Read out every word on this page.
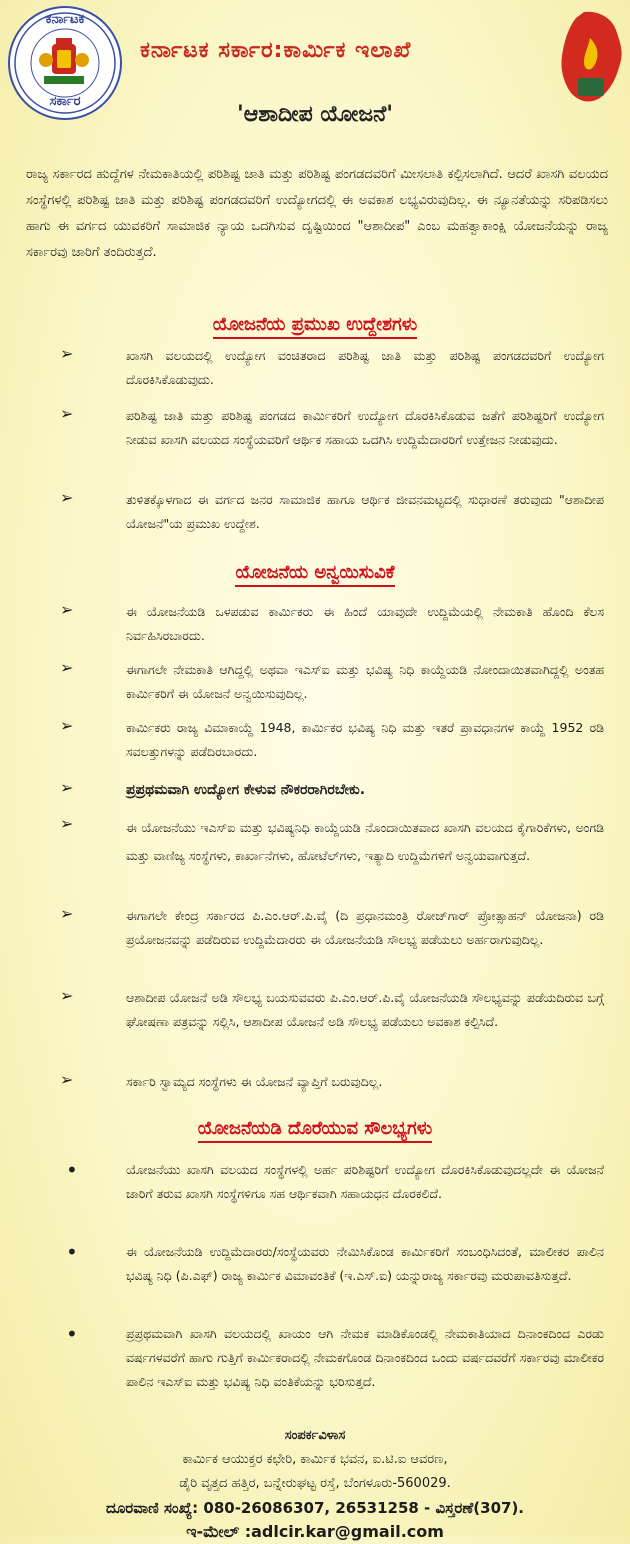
ಕರ್ನಾಟಕ
ಸರ್ಕಾರ
ಕರ್ನಾಟಕ ಸರ್ಕಾರ:ಕಾರ್ಮಿಕ ಇಲಾಖೆ
'ಆಶಾದೀಪ ಯೋಜನೆ'
ರಾಜ್ಯ ಸರ್ಕಾರದ ಹುದ್ದೆಗಳ ನೇಮಕಾತಿಯಲ್ಲಿ ಪರಿಶಿಷ್ಟ ಜಾತಿ ಮತ್ತು ಪರಿಶಿಷ್ಟ ಪಂಗಡದವರಿಗೆ ಮೀಸಲಾತಿ ಕಲ್ಪಿಸಲಾಗಿದೆ. ಆದರೆ ಖಾಸಗಿ ವಲಯದ ಸಂಸ್ಥೆಗಳಲ್ಲಿ ಪರಿಶಿಷ್ಟ ಜಾತಿ ಮತ್ತು ಪರಿಶಿಷ್ಟ ಪಂಗಡದವರಿಗೆ ಉದ್ಯೋಗದಲ್ಲಿ ಈ ಅವಕಾಶ ಲಭ್ಯವಿರುವುದಿಲ್ಲ. ಈ ನ್ಯೂನತೆಯನ್ನು ಸರಿಪಡಿಸಲು ಹಾಗು ಈ ವರ್ಗದ ಯುವಕರಿಗೆ ಸಾಮಾಜಿಕ ನ್ಯಾಯ ಒದಗಿಸುವ ದೃಷ್ಟಿಯಿಂದ "ಆಶಾದೀಪ" ಎಂಬ ಮಹತ್ವಾಕಾಂಕ್ಷಿ ಯೋಜನೆಯನ್ನು ರಾಜ್ಯ ಸರ್ಕಾರವು ಜಾರಿಗೆ ತಂದಿರುತ್ತದೆ.
ಯೋಜನೆಯ ಪ್ರಮುಖ ಉದ್ದೇಶಗಳು
➢	ಖಾಸಗಿ ವಲಯದಲ್ಲಿ ಉದ್ಯೋಗ ವಂಚಿತರಾದ ಪರಿಶಿಷ್ಟ ಜಾತಿ ಮತ್ತು ಪರಿಶಿಷ್ಟ ಪಂಗಡದವರಿಗೆ ಉದ್ಯೋಗ ದೊರಕಿಸಿಕೊಡುವುದು.
➢	ಪರಿಶಿಷ್ಟ ಜಾತಿ ಮತ್ತು ಪರಿಶಿಷ್ಟ ಪಂಗಡದ ಕಾರ್ಮಿಕರಿಗೆ ಉದ್ಯೋಗ ದೊರಕಿಸಿಕೊಡುವ ಜತೆಗೆ ಪರಿಶಿಷ್ಟರಿಗೆ ಉದ್ಯೋಗ ನೀಡುವ ಖಾಸಗಿ ವಲಯದ ಸಂಸ್ಥೆಯವರಿಗೆ ಆರ್ಥಿಕ ಸಹಾಯ ಒದಗಿಸಿ ಉದ್ದಿಮೆದಾರರಿಗೆ ಉತ್ತೇಜನ ನೀಡುವುದು.
➢	ತುಳಿತಕ್ಕೊಳಗಾದ ಈ ವರ್ಗದ ಜನರ ಸಾಮಾಜಿಕ ಹಾಗೂ ಆರ್ಥಿಕ ಜೀವನಮಟ್ಟದಲ್ಲಿ ಸುಧಾರಣೆ ತರುವುದು "ಆಶಾದೀಪ ಯೋಜನೆ"ಯ ಪ್ರಮುಖ ಉದ್ದೇಶ.
ಯೋಜನೆಯ ಅನ್ವಯಿಸುವಿಕೆ
➢	ಈ ಯೋಜನೆಯಡಿ ಒಳಪಡುವ ಕಾರ್ಮಿಕರು ಈ ಹಿಂದೆ ಯಾವುದೇ ಉದ್ದಿಮೆಯಲ್ಲಿ ನೇಮಕಾತಿ ಹೊಂದಿ ಕೆಲಸ ನಿರ್ವಹಿಸಿರಬಾರದು.
➢	ಈಗಾಗಲೇ ನೇಮಕಾತಿ ಆಗಿದ್ದಲ್ಲಿ ಅಥವಾ ಇಎಸ್‌ಐ ಮತ್ತು ಭವಿಷ್ಯ ನಿಧಿ ಕಾಯ್ದೆಯಡಿ ನೋಂದಾಯಿತವಾಗಿದ್ದಲ್ಲಿ ಅಂತಹ ಕಾರ್ಮಿಕರಿಗೆ ಈ ಯೋಜನೆ ಅನ್ವಯಿಸುವುದಿಲ್ಲ.
➢	ಕಾರ್ಮಿಕರು ರಾಜ್ಯ ವಿಮಾಕಾಯ್ದೆ 1948, ಕಾರ್ಮಿಕರ ಭವಿಷ್ಯ ನಿಧಿ ಮತ್ತು ಇತರೆ ಪ್ರಾವಧಾನಗಳ ಕಾಯ್ದೆ 1952 ರಡಿ ಸವಲತ್ತುಗಳನ್ನು ಪಡೆದಿರಬಾರದು.
➢	ಪ್ರಪ್ರಥಮವಾಗಿ ಉದ್ಯೋಗ ಕೇಳುವ ನೌಕರರಾಗಿರಬೇಕು.
➢	ಈ ಯೋಜನೆಯು ಇಎಸ್‌ಐ ಮತ್ತು ಭವಿಷ್ಯನಿಧಿ ಕಾಯ್ದೆಯಡಿ ನೊಂದಾಯಿತವಾದ ಖಾಸಗಿ ವಲಯದ ಕೈಗಾರಿಕೆಗಳು, ಅಂಗಡಿ ಮತ್ತು ವಾಣಿಜ್ಯ ಸಂಸ್ಥೆಗಳು, ಕಾರ್ಖಾನೆಗಳು, ಹೋಟೆಲ್‌ಗಳು, ಇತ್ಯಾದಿ ಉದ್ದಿಮೆಗಳಿಗೆ ಅನ್ವಯವಾಗುತ್ತದೆ.
➢	ಈಗಾಗಲೇ ಕೇಂದ್ರ ಸರ್ಕಾರದ ಪಿ.ಎಂ.ಆರ್.ಪಿ.ವೈ (ದಿ ಪ್ರಧಾನಮಂತ್ರಿ ರೋಜ್‌ಗಾರ್ ಪ್ರೋತ್ಸಾಹನ್ ಯೋಜನಾ) ರಡಿ ಪ್ರಯೋಜನವನ್ನು ಪಡೆದಿರುವ ಉದ್ದಿಮೆದಾರರು ಈ ಯೋಜನೆಯಡಿ ಸೌಲಭ್ಯ ಪಡೆಯಲು ಅರ್ಹರಾಗುವುದಿಲ್ಲ.
➢	ಆಶಾದೀಪ ಯೋಜನೆ ಅಡಿ ಸೌಲಭ್ಯ ಬಯಸುವವರು ಪಿ.ಎಂ.ಆರ್.ಪಿ.ವೈ ಯೋಜನೆಯಡಿ ಸೌಲಭ್ಯವನ್ನು ಪಡೆಯದಿರುವ ಬಗ್ಗೆ ಘೋಷಣಾ ಪತ್ರವನ್ನು ಸಲ್ಲಿಸಿ, ಆಶಾದೀಪ ಯೋಜನೆ ಅಡಿ ಸೌಲಭ್ಯ ಪಡೆಯಲು ಅವಕಾಶ ಕಲ್ಪಿಸಿದೆ.
➢	ಸರ್ಕಾರಿ ಸ್ವಾಮ್ಯದ ಸಂಸ್ಥೆಗಳು ಈ ಯೋಜನೆ ವ್ಯಾಪ್ತಿಗೆ ಬರುವುದಿಲ್ಲ.
ಯೋಜನೆಯಡಿ ದೊರೆಯುವ ಸೌಲಭ್ಯಗಳು
•	ಯೋಜನೆಯು ಖಾಸಗಿ ವಲಯದ ಸಂಸ್ಥೆಗಳಲ್ಲಿ ಅರ್ಹ ಪರಿಶಿಷ್ಟರಿಗೆ ಉದ್ಯೋಗ ದೊರಕಿಸಿಕೊಡುವುದಲ್ಲದೇ ಈ ಯೋಜನೆ ಜಾರಿಗೆ ತರುವ ಖಾಸಗಿ ಸಂಸ್ಥೆಗಳಿಗೂ ಸಹ ಆರ್ಥಿಕವಾಗಿ ಸಹಾಯಧನ ದೊರಕಲಿದೆ.
•	ಈ ಯೋಜನೆಯಡಿ ಉದ್ದಿಮೆದಾರರು/ಸಂಸ್ಥೆಯವರು ನೇಮಿಸಿಕೊಂಡ ಕಾರ್ಮಿಕರಿಗೆ ಸಂಬಂಧಿಸಿದಂತೆ, ಮಾಲೀಕರ ಪಾಲಿನ ಭವಿಷ್ಯ ನಿಧಿ (ಪಿ.ಎಫ್) ರಾಜ್ಯ ಕಾರ್ಮಿಕ ವಿಮಾವಂತಿಕೆ (ಇ.ಎಸ್.ಐ) ಯನ್ನುರಾಜ್ಯ ಸರ್ಕಾರವು ಮರುಪಾವತಿಸುತ್ತದೆ.
•	ಪ್ರಪ್ರಥಮವಾಗಿ ಖಾಸಗಿ ವಲಯದಲ್ಲಿ ಖಾಯಂ ಆಗಿ ನೇಮಕ ಮಾಡಿಕೊಂಡಲ್ಲಿ ನೇಮಕಾತಿಯಾದ ದಿನಾಂಕದಿಂದ ಎರಡು ವರ್ಷಗಳವರೆಗೆ ಹಾಗು ಗುತ್ತಿಗೆ ಕಾರ್ಮಿಕರಾದಲ್ಲಿ ನೇಮಕಗೊಂಡ ದಿನಾಂಕದಿಂದ ಒಂದು ವರ್ಷದವರೆಗೆ ಸರ್ಕಾರವು ಮಾಲೀಕರ ಪಾಲಿನ ಇಎಸ್‌ಐ ಮತ್ತು ಭವಿಷ್ಯ ನಿಧಿ ವಂತಿಕೆಯನ್ನು ಭರಿಸುತ್ತದೆ.
ಸಂಪರ್ಕವಿಳಾಸ
ಕಾರ್ಮಿಕ ಆಯುಕ್ತರ ಕಛೇರಿ, ಕಾರ್ಮಿಕ ಭವನ, ಐ.ಟಿ.ಐ ಆವರಣ,
ಡೈರಿ ವೃತ್ತದ ಹತ್ತಿರ, ಬನ್ನೇರುಘಟ್ಟ ರಸ್ತೆ, ಬೆಂಗಳೂರು-560029.
ದೂರವಾಣಿ ಸಂಖ್ಯೆ: 080-26086307, 26531258 - ವಿಸ್ತರಣೆ(307).
ಇ-ಮೇಲ್ :adlcir.kar@gmail.com
